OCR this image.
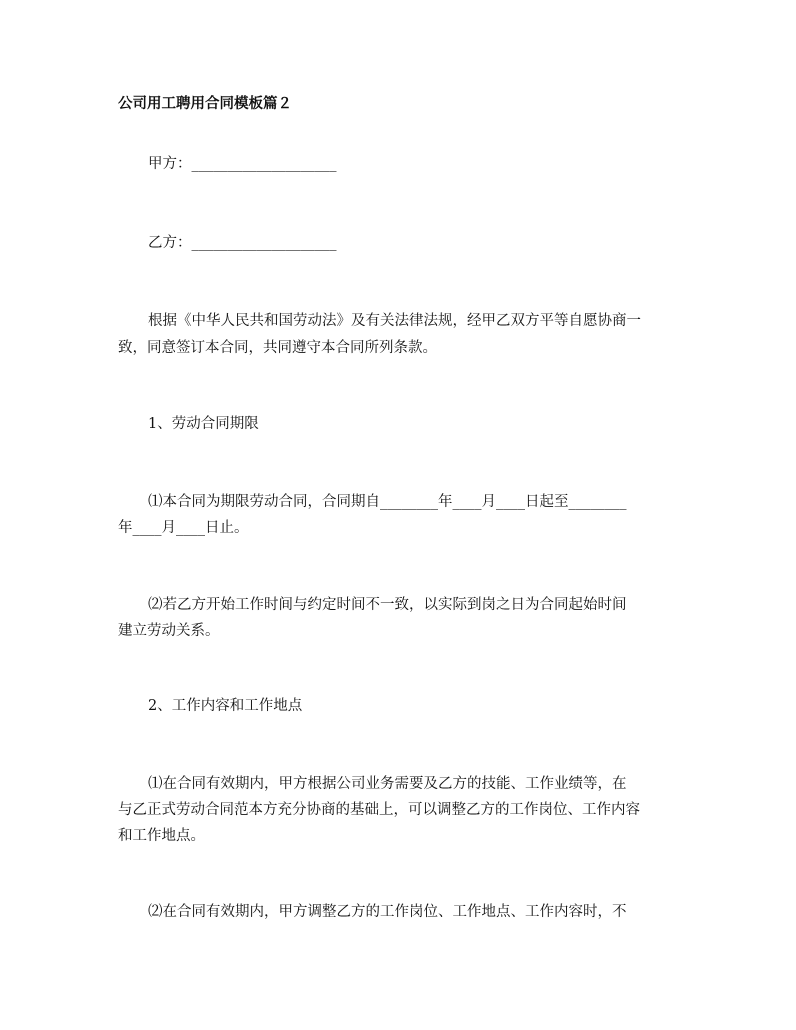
公司用工聘用合同模板篇２
甲方：____________________
乙方：____________________
根据《中华人民共和国劳动法》及有关法律法规，经甲乙双方平等自愿协商一
致，同意签订本合同，共同遵守本合同所列条款。
1、劳动合同期限
⑴本合同为期限劳动合同，合同期自________年____月____日起至________
年____月____日止。
⑵若乙方开始工作时间与约定时间不一致，以实际到岗之日为合同起始时间
建立劳动关系。
2、工作内容和工作地点
⑴在合同有效期内，甲方根据公司业务需要及乙方的技能、工作业绩等，在
与乙正式劳动合同范本方充分协商的基础上，可以调整乙方的工作岗位、工作内容
和工作地点。
⑵在合同有效期内，甲方调整乙方的工作岗位、工作地点、工作内容时，不
